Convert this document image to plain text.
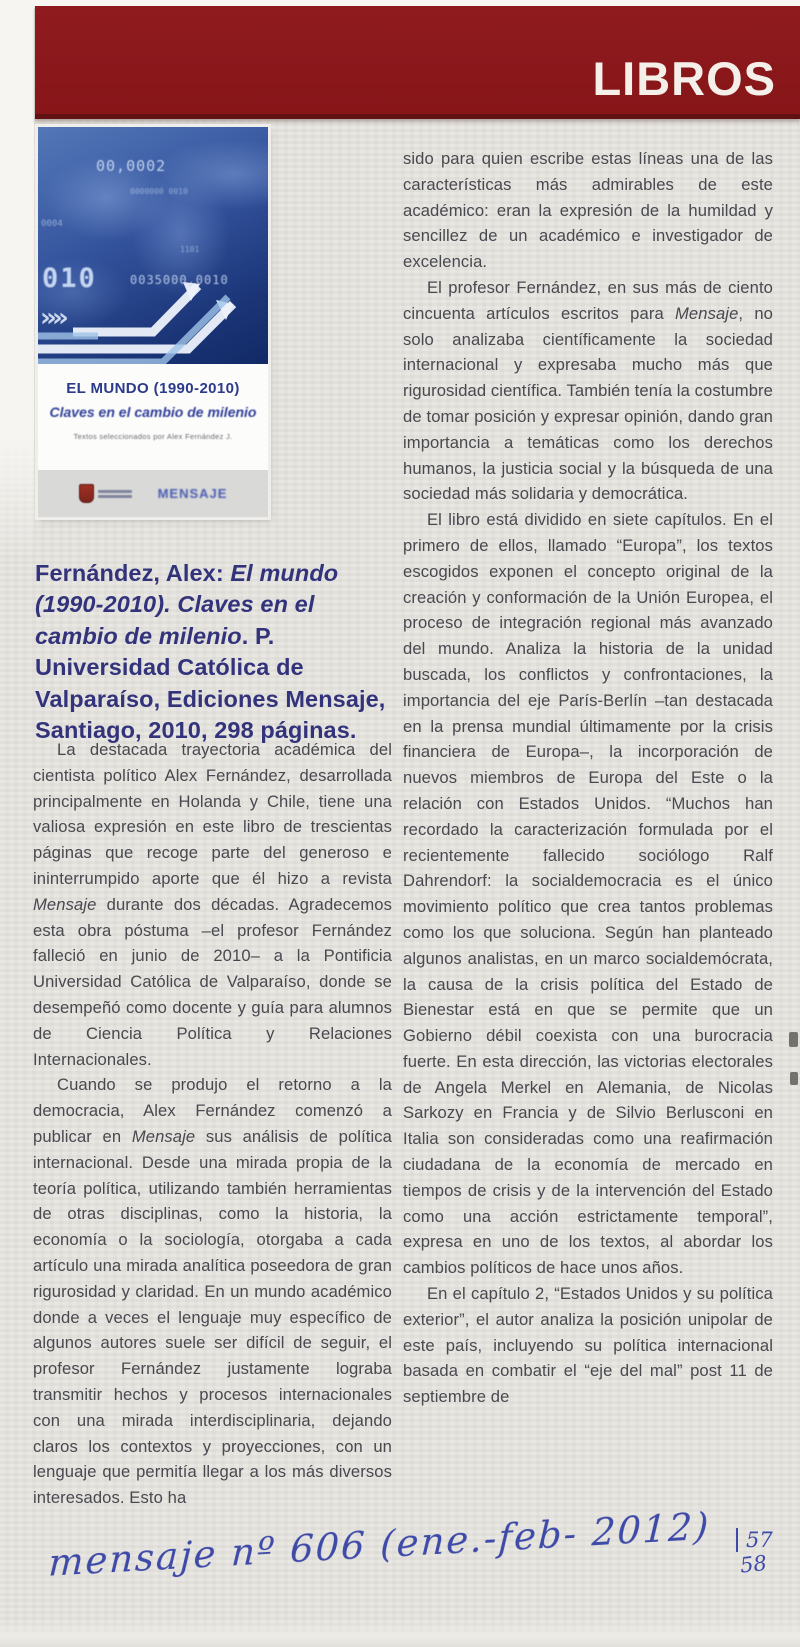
LIBROS
»
»
00,0002
0000000 0010
0004
1101
010	0035000,0010

EL MUNDO (1990-2010)

Claves en el cambio de milenio

Textos seleccionados por Alex Fernández J.

MENSAJE
Fernández, Alex: El mundo (1990-2010). Claves en el cambio de milenio. P. Universidad Católica de Valparaíso, Ediciones Mensaje, Santiago, 2010, 298 páginas.

La destacada trayectoria académica del cientista político Alex Fernández, desarrollada principalmente en Holanda y Chile, tiene una valiosa expresión en este libro de trescientas páginas que recoge parte del generoso e ininterrumpido aporte que él hizo a revista Mensaje durante dos décadas. Agradecemos esta obra póstuma –el profesor Fernández falleció en junio de 2010– a la Pontificia Universidad Católica de Valparaíso, donde se desempeñó como docente y guía para alumnos de Ciencia Política y Relaciones Internacionales.

Cuando se produjo el retorno a la democracia, Alex Fernández comenzó a publicar en Mensaje sus análisis de política internacional. Desde una mirada propia de la teoría política, utilizando también herramientas de otras disciplinas, como la historia, la economía o la sociología, otorgaba a cada artículo una mirada analítica poseedora de gran rigurosidad y claridad. En un mundo académico donde a veces el lenguaje muy específico de algunos autores suele ser difícil de seguir, el profesor Fernández justamente lograba transmitir hechos y procesos internacionales con una mirada interdisciplinaria, dejando claros los contextos y proyecciones, con un lenguaje que permitía llegar a los más diversos interesados. Esto ha

sido para quien escribe estas líneas una de las características más admirables de este académico: eran la expresión de la humildad y sencillez de un académico e investigador de excelencia.

El profesor Fernández, en sus más de ciento cincuenta artículos escritos para Mensaje, no solo analizaba científicamente la sociedad internacional y expresaba mucho más que rigurosidad científica. También tenía la costumbre de tomar posición y expresar opinión, dando gran importancia a temáticas como los derechos humanos, la justicia social y la búsqueda de una sociedad más solidaria y democrática.

El libro está dividido en siete capítulos. En el primero de ellos, llamado “Europa”, los textos escogidos exponen el concepto original de la creación y conformación de la Unión Europea, el proceso de integración regional más avanzado del mundo. Analiza la historia de la unidad buscada, los conflictos y confrontaciones, la importancia del eje París-Berlín –tan destacada en la prensa mundial últimamente por la crisis financiera de Europa–, la incorporación de nuevos miembros de Europa del Este o la relación con Estados Unidos. “Muchos han recordado la caracterización formulada por el recientemente fallecido sociólogo Ralf Dahrendorf: la socialdemocracia es el único movimiento político que crea tantos problemas como los que soluciona. Según han planteado algunos analistas, en un marco socialdemócrata, la causa de la crisis política del Estado de Bienestar está en que se permite que un Gobierno débil coexista con una burocracia fuerte. En esta dirección, las victorias electorales de Angela Merkel en Alemania, de Nicolas Sarkozy en Francia y de Silvio Berlusconi en Italia son consideradas como una reafirmación ciudadana de la economía de mercado en tiempos de crisis y de la intervención del Estado como una acción estrictamente temporal”, expresa en uno de los textos, al abordar los cambios políticos de hace unos años.

En el capítulo 2, “Estados Unidos y su política exterior”, el autor analiza la posición unipolar de este país, incluyendo su política internacional basada en combatir el “eje del mal” post 11 de septiembre de

mensaje nº 606 (ene.-feb- 2012)	57
58
